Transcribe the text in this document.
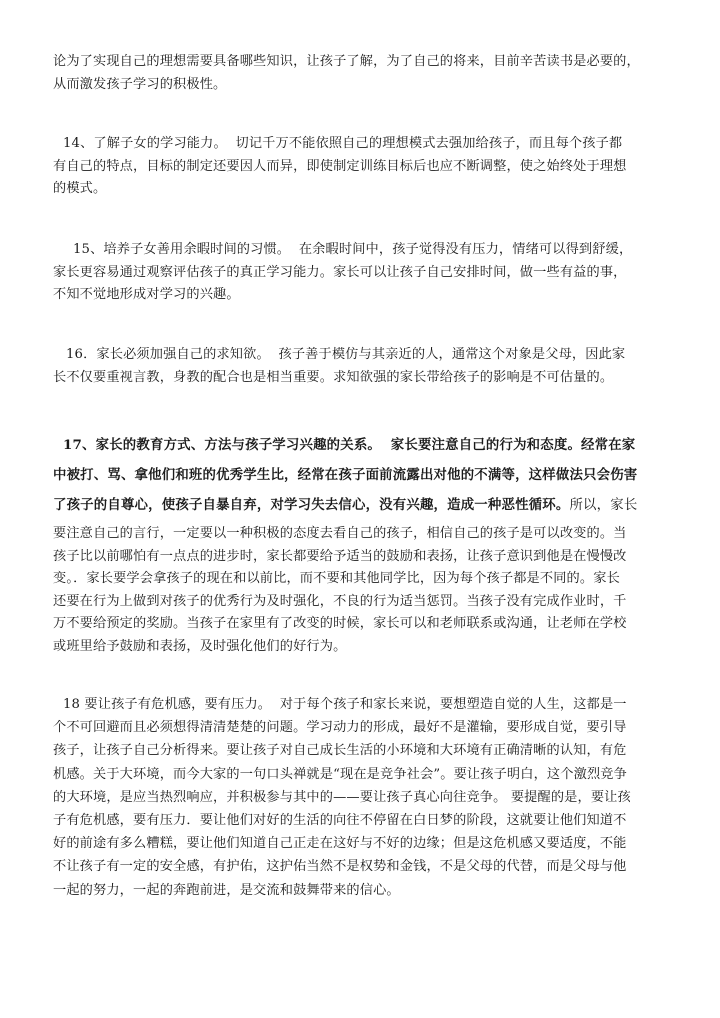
论为了实现自己的理想需要具备哪些知识，让孩子了解，为了自己的将来，目前辛苦读书是必要的，
从而激发孩子学习的积极性。

14、了解子女的学习能力。 切记千万不能依照自己的理想模式去强加给孩子，而且每个孩子都
有自己的特点，目标的制定还要因人而异，即使制定训练目标后也应不断调整，使之始终处于理想
的模式。

15、培养子女善用余暇时间的习惯。 在余暇时间中，孩子觉得没有压力，情绪可以得到舒缓，
家长更容易通过观察评估孩子的真正学习能力。家长可以让孩子自己安排时间，做一些有益的事，
不知不觉地形成对学习的兴趣。

16．家长必须加强自己的求知欲。 孩子善于模仿与其亲近的人，通常这个对象是父母，因此家
长不仅要重视言教，身教的配合也是相当重要。求知欲强的家长带给孩子的影响是不可估量的。

17、家长的教育方式、方法与孩子学习兴趣的关系。 家长要注意自己的行为和态度。经常在家
中被打、骂、拿他们和班的优秀学生比，经常在孩子面前流露出对他的不满等，这样做法只会伤害
了孩子的自尊心，使孩子自暴自弃，对学习失去信心，没有兴趣，造成一种恶性循环。所以，家长
要注意自己的言行，一定要以一种积极的态度去看自己的孩子，相信自己的孩子是可以改变的。当
孩子比以前哪怕有一点点的进步时，家长都要给予适当的鼓励和表扬，让孩子意识到他是在慢慢改
变。．家长要学会拿孩子的现在和以前比，而不要和其他同学比，因为每个孩子都是不同的。家长
还要在行为上做到对孩子的优秀行为及时强化，不良的行为适当惩罚。当孩子没有完成作业时，千
万不要给预定的奖励。当孩子在家里有了改变的时候，家长可以和老师联系或沟通，让老师在学校
或班里给予鼓励和表扬，及时强化他们的好行为。

18 要让孩子有危机感，要有压力。 对于每个孩子和家长来说，要想塑造自觉的人生，这都是一
个不可回避而且必须想得清清楚楚的问题。学习动力的形成，最好不是灌输，要形成自觉，要引导
孩子，让孩子自己分析得来。要让孩子对自己成长生活的小环境和大环境有正确清晰的认知，有危
机感。关于大环境，而今大家的一句口头禅就是“现在是竞争社会”。要让孩子明白，这个激烈竞争
的大环境，是应当热烈响应，并积极参与其中的——要让孩子真心向往竞争。 要提醒的是，要让孩
子有危机感，要有压力．要让他们对好的生活的向往不停留在白日梦的阶段，这就要让他们知道不
好的前途有多么糟糕，要让他们知道自己正走在这好与不好的边缘；但是这危机感又要适度，不能
不让孩子有一定的安全感，有护佑，这护佑当然不是权势和金钱，不是父母的代替，而是父母与他
一起的努力，一起的奔跑前进，是交流和鼓舞带来的信心。
